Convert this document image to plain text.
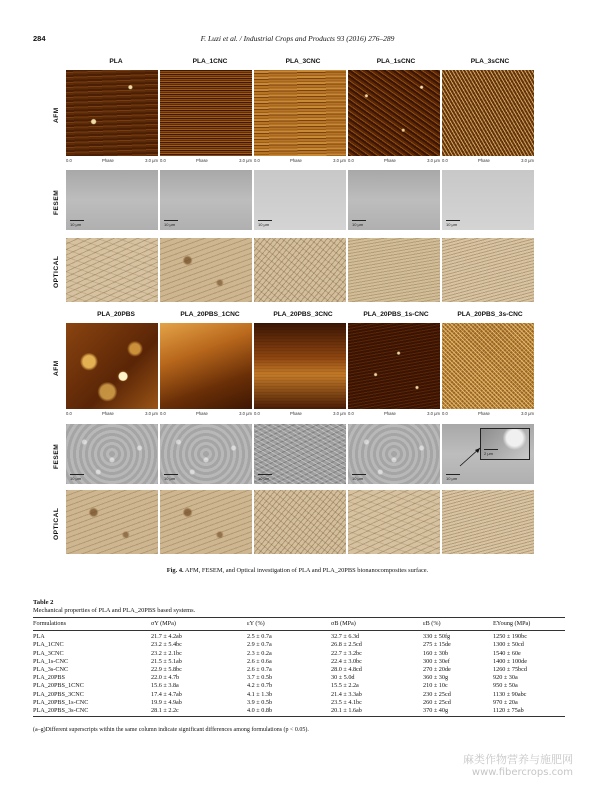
284	F. Luzi et al. / Industrial Crops and Products 93 (2016) 276–289
PLA	PLA_1CNC	PLA_3CNC	PLA_1sCNC	PLA_3sCNC
AFM
FESEM
OPTICAL
0.0	Phase	3.0 μm 0.0	Phase	3.0 μm 0.0	Phase	3.0 μm 0.0	Phase	3.0 μm 0.0	Phase	3.0 μm
10 μm	10 μm	10 μm	10 μm	10 μm
PLA_20PBS	PLA_20PBS_1CNC	PLA_20PBS_3CNC	PLA_20PBS_1s-CNC	PLA_20PBS_3s-CNC
AFM
FESEM
OPTICAL
0.0	Phase	3.0 μm 0.0	Phase	3.0 μm 0.0	Phase	3.0 μm 0.0	Phase	3.0 μm 0.0	Phase	3.0 μm
10 μm	10 μm	10 μm	10 μm	10 μm
2 μm
Fig. 4. AFM, FESEM, and Optical investigation of PLA and PLA_20PBS bionanocomposites surface.
Table 2
Mechanical properties of PLA and PLA_20PBS based systems.
Formulations	σY (MPa)	εY (%)	σB (MPa)	εB (%)	EYoung (MPa)
PLA	21.7 ± 4.2ab	2.5 ± 0.7a	32.7 ± 6.3d	330 ± 50fg	1250 ± 190bc
PLA_1CNC	23.2 ± 5.4bc	2.9 ± 0.7a	26.8 ± 2.5cd	275 ± 15de	1300 ± 50cd
PLA_3CNC	23.2 ± 2.1bc	2.3 ± 0.2a	22.7 ± 3.2bc	160 ± 30b	1540 ± 60e
PLA_1s-CNC	21.5 ± 5.1ab	2.6 ± 0.6a	22.4 ± 3.0bc	300 ± 30ef	1400 ± 100de
PLA_3s-CNC	22.9 ± 5.8bc	2.6 ± 0.7a	28.0 ± 4.8cd	270 ± 20de	1260 ± 75bcd
PLA_20PBS	22.0 ± 4.7b	3.7 ± 0.5b	30 ± 5.0d	360 ± 30g	920 ± 30a
PLA_20PBS_1CNC	15.6 ± 3.8a	4.2 ± 0.7b	15.5 ± 2.2a	210 ± 10c	950 ± 50a
PLA_20PBS_3CNC	17.4 ± 4.7ab	4.1 ± 1.3b	21.4 ± 3.3ab	230 ± 25cd	1130 ± 90abc
PLA_20PBS_1s-CNC	19.9 ± 4.9ab	3.9 ± 0.5b	23.5 ± 4.1bc	260 ± 25cd	970 ± 20a
PLA_20PBS_3s-CNC	28.1 ± 2.2c	4.0 ± 0.8b	20.1 ± 1.6ab	370 ± 40g	1120 ± 75ab
(a–g)Different superscripts within the same column indicate significant differences among formulations (p < 0.05).
麻类作物营养与施肥网
www.fibercrops.com
